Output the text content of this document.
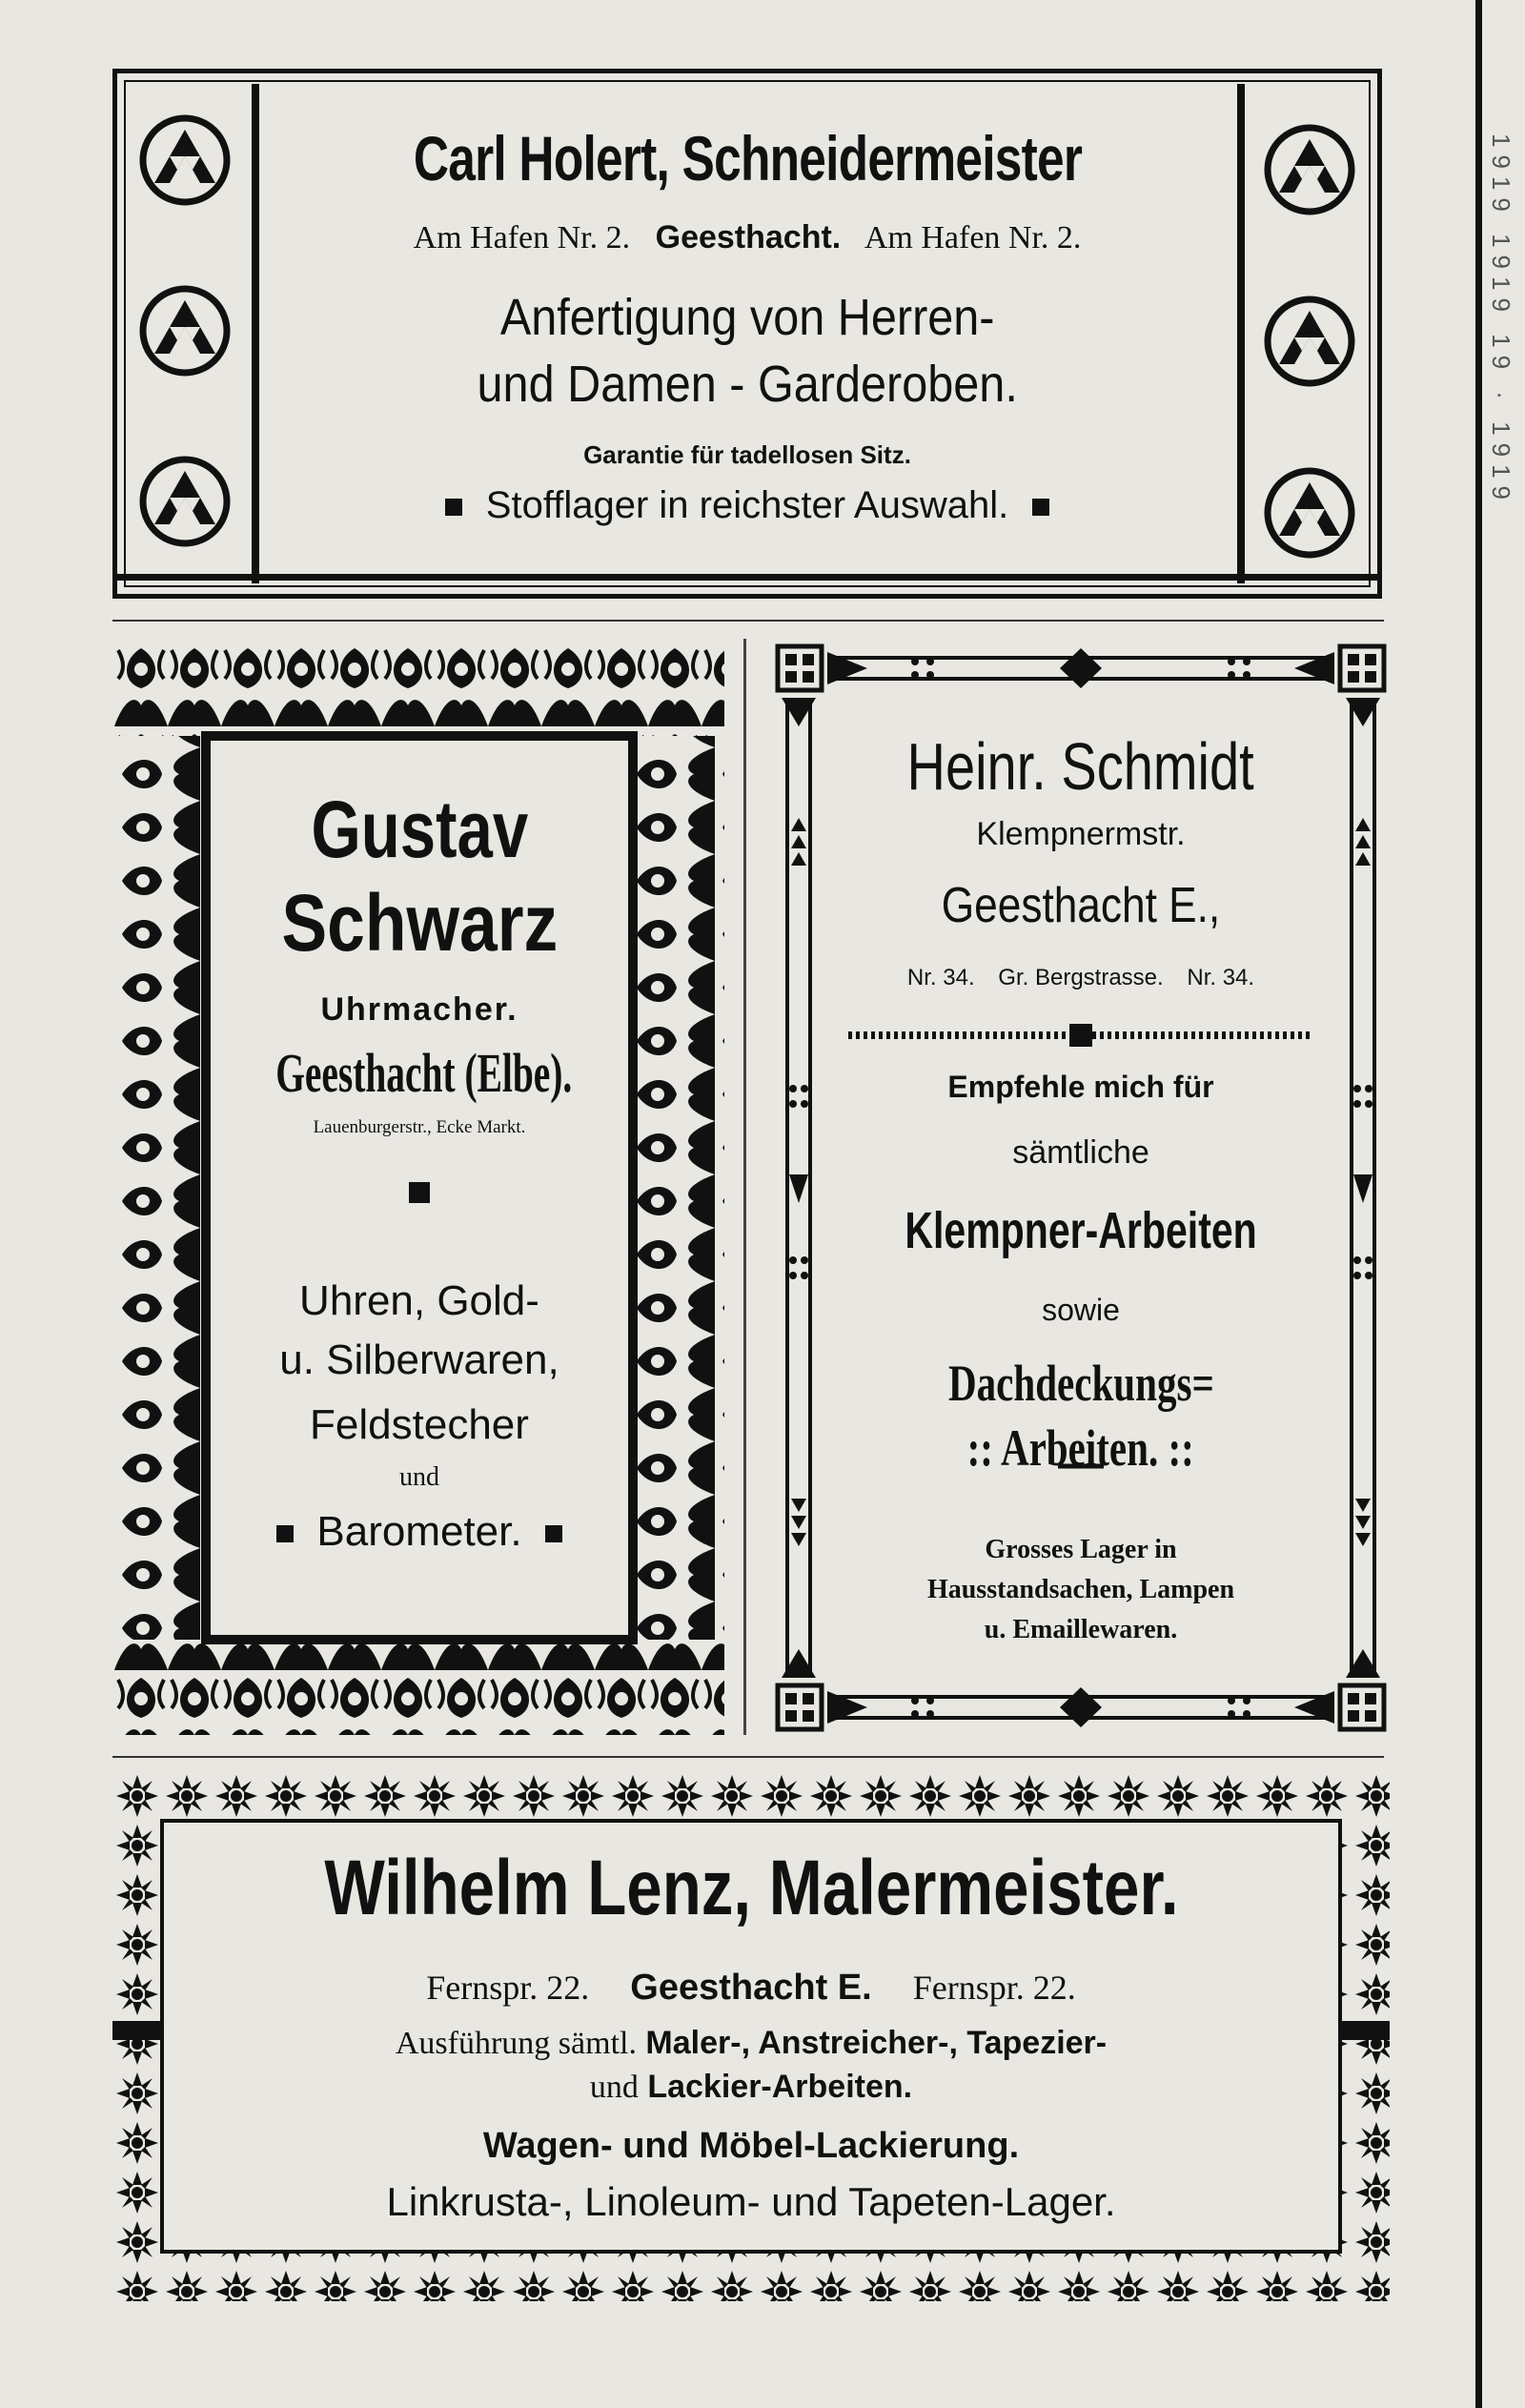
1919 1919 19 · 1919
Carl Holert, Schneidermeister
Am Hafen Nr. 2. Geesthacht. Am Hafen Nr. 2.
Anfertigung von Herren-
und Damen - Garderoben.
Garantie für tadellosen Sitz.
Stofflager in reichster Auswahl.
Gustav
Schwarz
Uhrmacher.
Geesthacht (Elbe).
Lauenburgerstr., Ecke Markt.
Uhren, Gold-
u. Silberwaren,
Feldstecher
und
Barometer.
Heinr. Schmidt
Klempnermstr.
Geesthacht E.,
Nr. 34. Gr. Bergstrasse. Nr. 34.
Empfehle mich für
sämtliche
Klempner-Arbeiten
sowie
Dachdeckungs=
:: Arbeiten. ::
Grosses Lager in
Hausstandsachen, Lampen
u. Emaillewaren.
Wilhelm Lenz, Malermeister.
Fernspr. 22. Geesthacht E. Fernspr. 22.
Ausführung sämtl. Maler-, Anstreicher-, Tapezier-
und Lackier-Arbeiten.
Wagen- und Möbel-Lackierung.
Linkrusta-, Linoleum- und Tapeten-Lager.
